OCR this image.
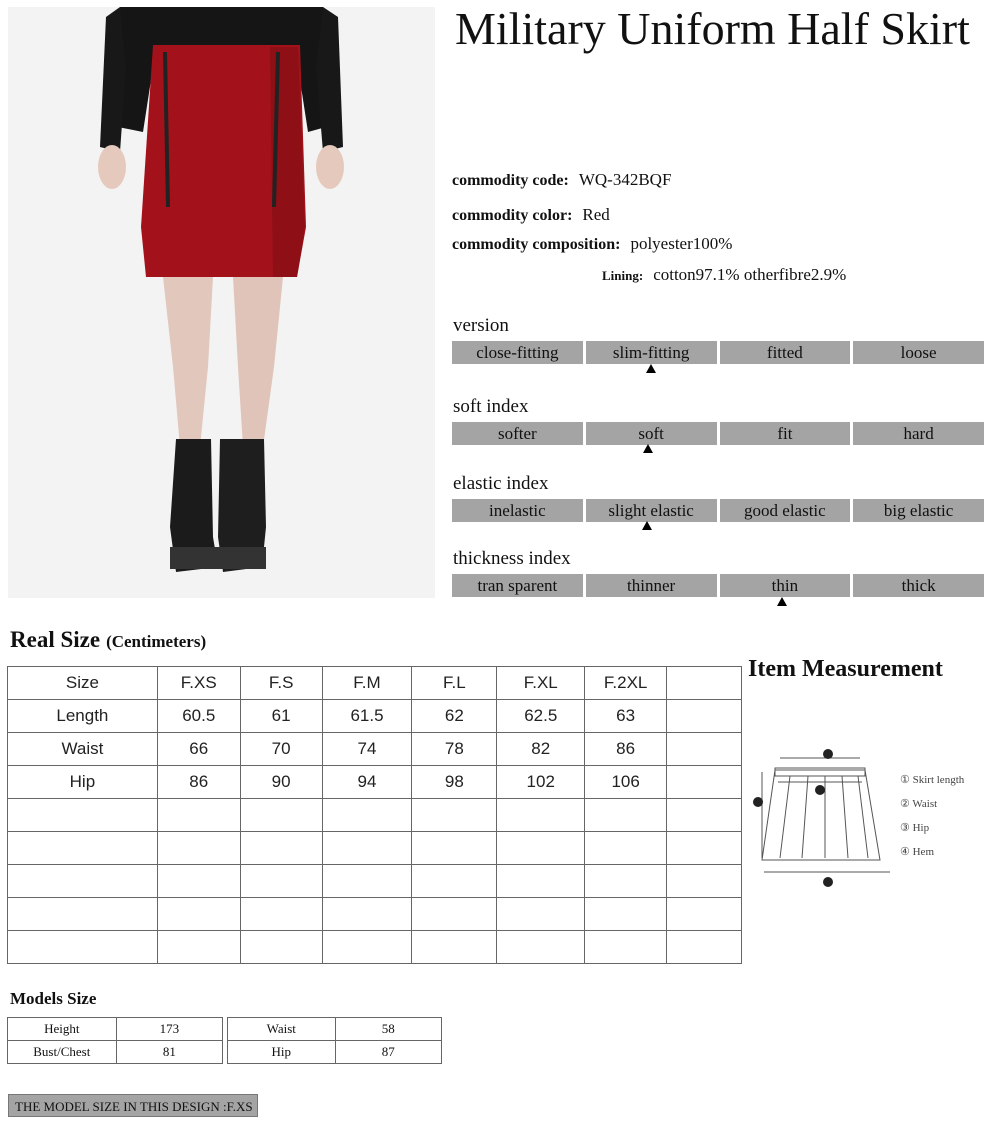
Military Uniform Half Skirt
commodity code: WQ-342BQF
commodity color: Red
commodity composition: polyester100%
Lining: cotton97.1% otherfibre2.9%
version
close-fitting	slim-fitting	fitted	loose
soft index
softer	soft	fit	hard
elastic index
inelastic	slight elastic	good elastic	big elastic
thickness index
tran sparent	thinner	thin	thick
Real Size (Centimeters)
Size	F.XS	F.S	F.M	F.L	F.XL	F.2XL	
Length	60.5	61	61.5	62	62.5	63	
Waist	66	70	74	78	82	86	
Hip	86	90	94	98	102	106	

Item Measurement
① Skirt length
② Waist
③ Hip
④ Hem
Models Size
Height	173
Bust/Chest	81
Waist	58
Hip	87
THE MODEL SIZE IN THIS DESIGN :F.XS
